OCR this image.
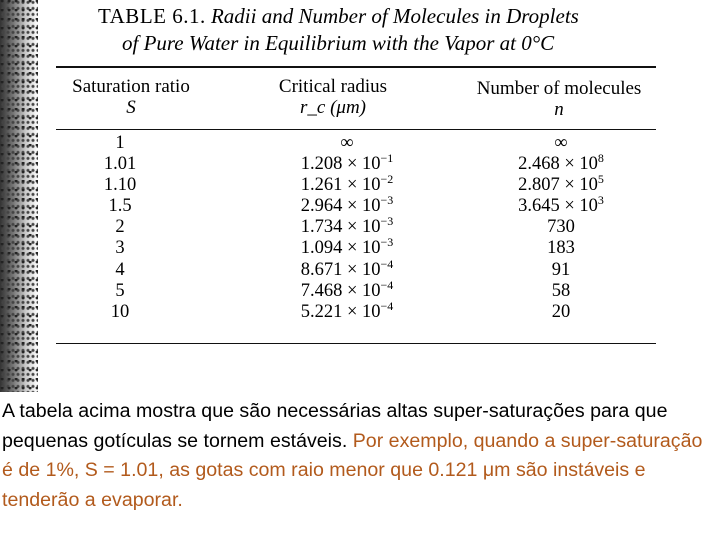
TABLE 6.1. Radii and Number of Molecules in Droplets
of Pure Water in Equilibrium with the Vapor at 0°C
Saturation ratio
S
Critical radius
r_c (μm)
Number of molecules
n
1
1.01
1.10
1.5
2
3
4
5
10
∞
$1.208 \times 10^{-1}$
$1.261 \times 10^{-2}$
$2.964 \times 10^{-3}$
$1.734 \times 10^{-3}$
$1.094 \times 10^{-3}$
$8.671 \times 10^{-4}$
$7.468 \times 10^{-4}$
$5.221 \times 10^{-4}$
∞
$2.468 \times 10^8$
$2.807 \times 10^5$
$3.645 \times 10^3$
730
183
91
58
20
A tabela acima mostra que são necessárias altas super-saturações para que pequenas gotículas se tornem estáveis. Por exemplo, quando a super-saturação é de 1%, S = 1.01, as gotas com raio menor que 0.121 μm são instáveis e tenderão a evaporar.
